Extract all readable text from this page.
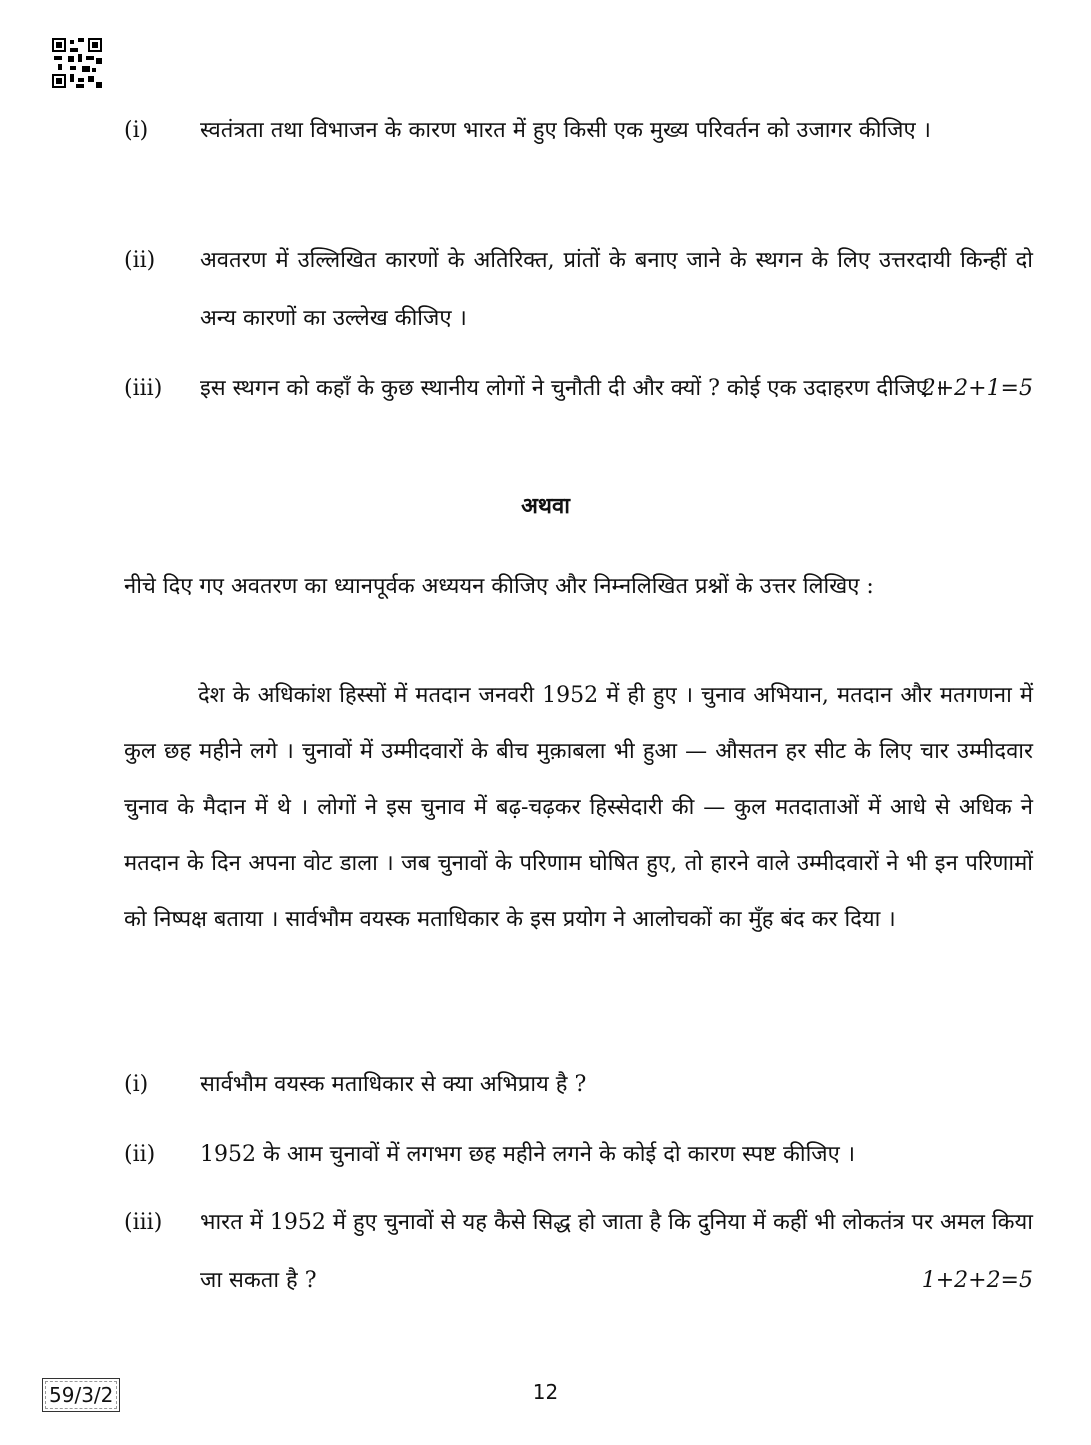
(i)	स्वतंत्रता तथा विभाजन के कारण भारत में हुए किसी एक मुख्य परिवर्तन को उजागर कीजिए ।
(ii)	अवतरण में उल्लिखित कारणों के अतिरिक्त, प्रांतों के बनाए जाने के स्थगन के लिए उत्तरदायी किन्हीं दो अन्य कारणों का उल्लेख कीजिए ।
(iii)	इस स्थगन को कहाँ के कुछ स्थानीय लोगों ने चुनौती दी और क्यों ? कोई एक उदाहरण दीजिए ।
2+2+1=5
अथवा
नीचे दिए गए अवतरण का ध्यानपूर्वक अध्ययन कीजिए और निम्नलिखित प्रश्नों के उत्तर लिखिए :
देश के अधिकांश हिस्सों में मतदान जनवरी 1952 में ही हुए । चुनाव अभियान, मतदान और मतगणना में कुल छह महीने लगे । चुनावों में उम्मीदवारों के बीच मुक़ाबला भी हुआ — औसतन हर सीट के लिए चार उम्मीदवार चुनाव के मैदान में थे । लोगों ने इस चुनाव में बढ़-चढ़कर हिस्सेदारी की — कुल मतदाताओं में आधे से अधिक ने मतदान के दिन अपना वोट डाला । जब चुनावों के परिणाम घोषित हुए, तो हारने वाले उम्मीदवारों ने भी इन परिणामों को निष्पक्ष बताया । सार्वभौम वयस्क मताधिकार के इस प्रयोग ने आलोचकों का मुँह बंद कर दिया ।
(i)	सार्वभौम वयस्क मताधिकार से क्या अभिप्राय है ?
(ii)	1952 के आम चुनावों में लगभग छह महीने लगने के कोई दो कारण स्पष्ट कीजिए ।
(iii)	भारत में 1952 में हुए चुनावों से यह कैसे सिद्ध हो जाता है कि दुनिया में कहीं भी लोकतंत्र पर अमल किया जा सकता है ?	1+2+2=5
59/3/2	12
